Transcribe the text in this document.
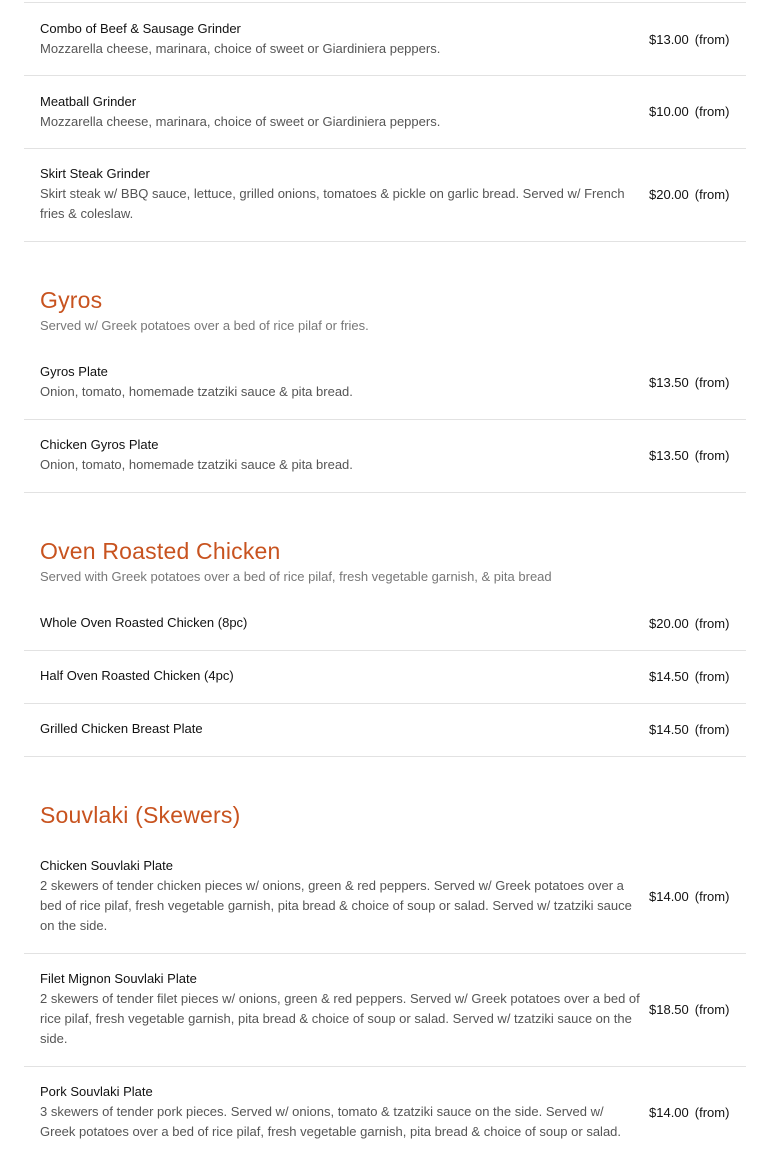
Combo of Beef & Sausage Grinder
Mozzarella cheese, marinara, choice of sweet or Giardiniera peppers.
$13.00 (from)
Meatball Grinder
Mozzarella cheese, marinara, choice of sweet or Giardiniera peppers.
$10.00 (from)
Skirt Steak Grinder
Skirt steak w/ BBQ sauce, lettuce, grilled onions, tomatoes & pickle on garlic bread. Served w/ French fries & coleslaw.
$20.00 (from)
Gyros
Served w/ Greek potatoes over a bed of rice pilaf or fries.
Gyros Plate
Onion, tomato, homemade tzatziki sauce & pita bread.
$13.50 (from)
Chicken Gyros Plate
Onion, tomato, homemade tzatziki sauce & pita bread.
$13.50 (from)
Oven Roasted Chicken
Served with Greek potatoes over a bed of rice pilaf, fresh vegetable garnish, & pita bread
Whole Oven Roasted Chicken (8pc)	$20.00 (from)
Half Oven Roasted Chicken (4pc)	$14.50 (from)
Grilled Chicken Breast Plate	$14.50 (from)
Souvlaki (Skewers)
Chicken Souvlaki Plate
2 skewers of tender chicken pieces w/ onions, green & red peppers. Served w/ Greek potatoes over a bed of rice pilaf, fresh vegetable garnish, pita bread & choice of soup or salad. Served w/ tzatziki sauce on the side.
$14.00 (from)
Filet Mignon Souvlaki Plate
2 skewers of tender filet pieces w/ onions, green & red peppers. Served w/ Greek potatoes over a bed of rice pilaf, fresh vegetable garnish, pita bread & choice of soup or salad. Served w/ tzatziki sauce on the side.
$18.50 (from)
Pork Souvlaki Plate
3 skewers of tender pork pieces. Served w/ onions, tomato & tzatziki sauce on the side. Served w/ Greek potatoes over a bed of rice pilaf, fresh vegetable garnish, pita bread & choice of soup or salad.
$14.00 (from)
